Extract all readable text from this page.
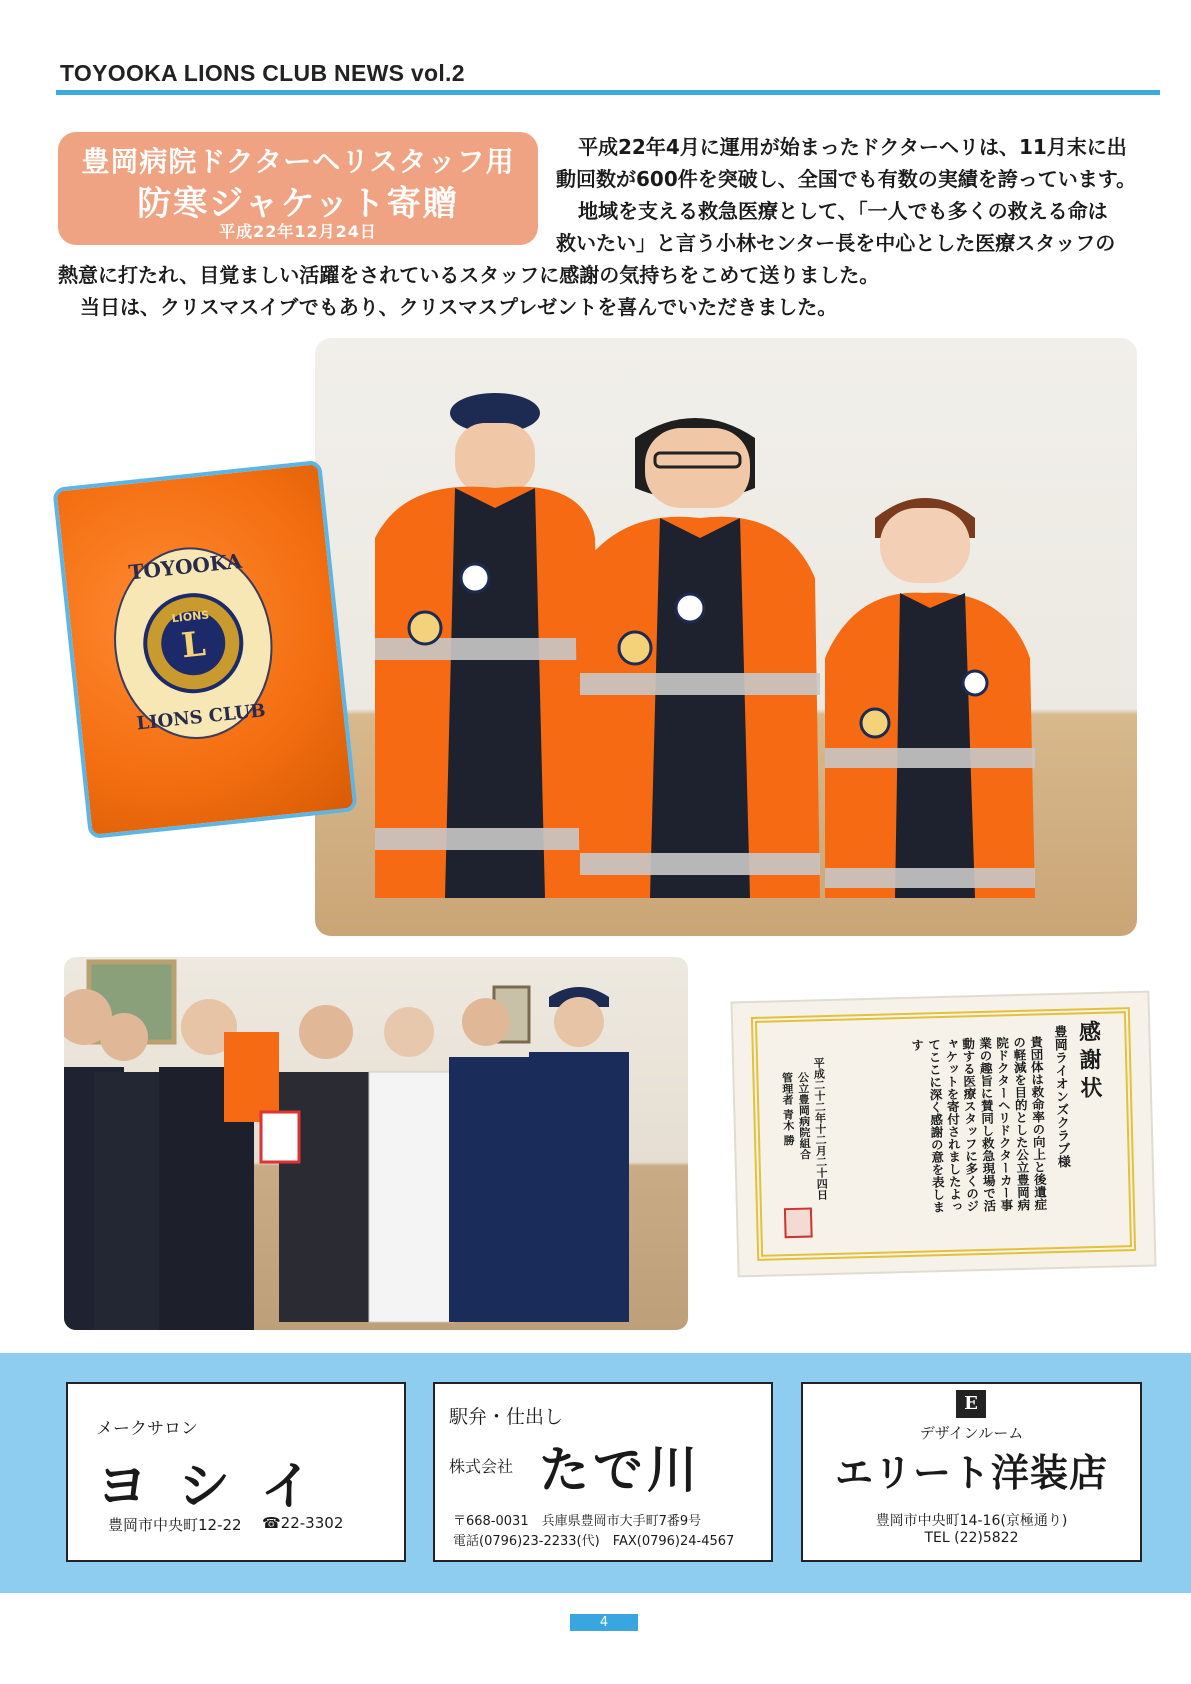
TOYOOKA LIONS CLUB NEWS vol.2
豊岡病院ドクターヘリスタッフ用
防寒ジャケット寄贈
平成22年12月24日
平成22年4月に運用が始まったドクターヘリは、11月末に出
動回数が600件を突破し、全国でも有数の実績を誇っています。
地域を支える救急医療として、「一人でも多くの救える命は
救いたい」と言う小林センター長を中心とした医療スタッフの
熱意に打たれ、目覚ましい活躍をされているスタッフに感謝の気持ちをこめて送りました。
当日は、クリスマスイブでもあり、クリスマスプレゼントを喜んでいただきました。
TOYOOKA
LIONS
L
LIONS CLUB
感謝状
豊岡ライオンズクラブ様
貴団体は救命率の向上と後遺症の軽減を目的とした公立豊岡病院ドクターヘリドクターカー事業の趣旨に賛同し救急現場で活動する医療スタッフに多くのジャケットを寄付されましたよってここに深く感謝の意を表します
平成二十二年十二月二十四日
公立豊岡病院組合
管理者 青木 勝
メークサロン
ヨ シ イ
豊岡市中央町12-22 ☎22-3302
駅弁・仕出し
株式会社 たで川
〒668-0031　兵庫県豊岡市大手町7番9号
電話(0796)23-2233(代)　FAX(0796)24-4567
E
デザインルーム
エリート洋装店
豊岡市中央町14-16(京極通り)
TEL (22)5822
4
